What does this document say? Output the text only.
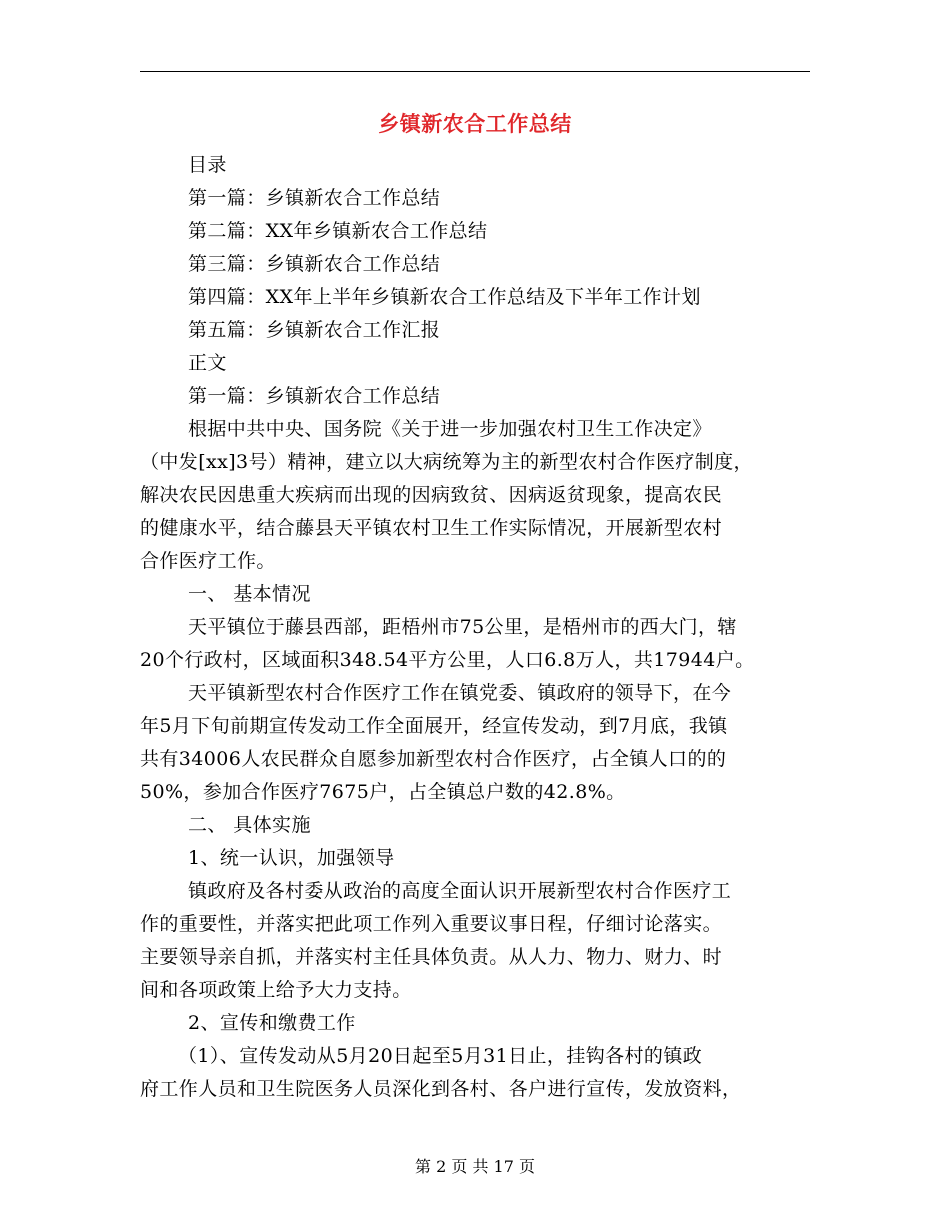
乡镇新农合工作总结
目录
第一篇：乡镇新农合工作总结
第二篇：XX年乡镇新农合工作总结
第三篇：乡镇新农合工作总结
第四篇：XX年上半年乡镇新农合工作总结及下半年工作计划
第五篇：乡镇新农合工作汇报
正文
第一篇：乡镇新农合工作总结
根据中共中央、国务院《关于进一步加强农村卫生工作决定》
（中发[xx]3号）精神，建立以大病统筹为主的新型农村合作医疗制度，
解决农民因患重大疾病而出现的因病致贫、因病返贫现象，提高农民
的健康水平，结合藤县天平镇农村卫生工作实际情况，开展新型农村
合作医疗工作。
一、 基本情况
天平镇位于藤县西部，距梧州市75公里，是梧州市的西大门，辖
20个行政村，区域面积348.54平方公里，人口6.8万人，共17944户。
天平镇新型农村合作医疗工作在镇党委、镇政府的领导下，在今
年5月下旬前期宣传发动工作全面展开，经宣传发动，到7月底，我镇
共有34006人农民群众自愿参加新型农村合作医疗，占全镇人口的的
50%，参加合作医疗7675户，占全镇总户数的42.8%。
二、 具体实施
1、统一认识，加强领导
镇政府及各村委从政治的高度全面认识开展新型农村合作医疗工
作的重要性，并落实把此项工作列入重要议事日程，仔细讨论落实。
主要领导亲自抓，并落实村主任具体负责。从人力、物力、财力、时
间和各项政策上给予大力支持。
2、宣传和缴费工作
（1）、宣传发动从5月20日起至5月31日止，挂钩各村的镇政
府工作人员和卫生院医务人员深化到各村、各户进行宣传，发放资料，
第 2 页 共 17 页
